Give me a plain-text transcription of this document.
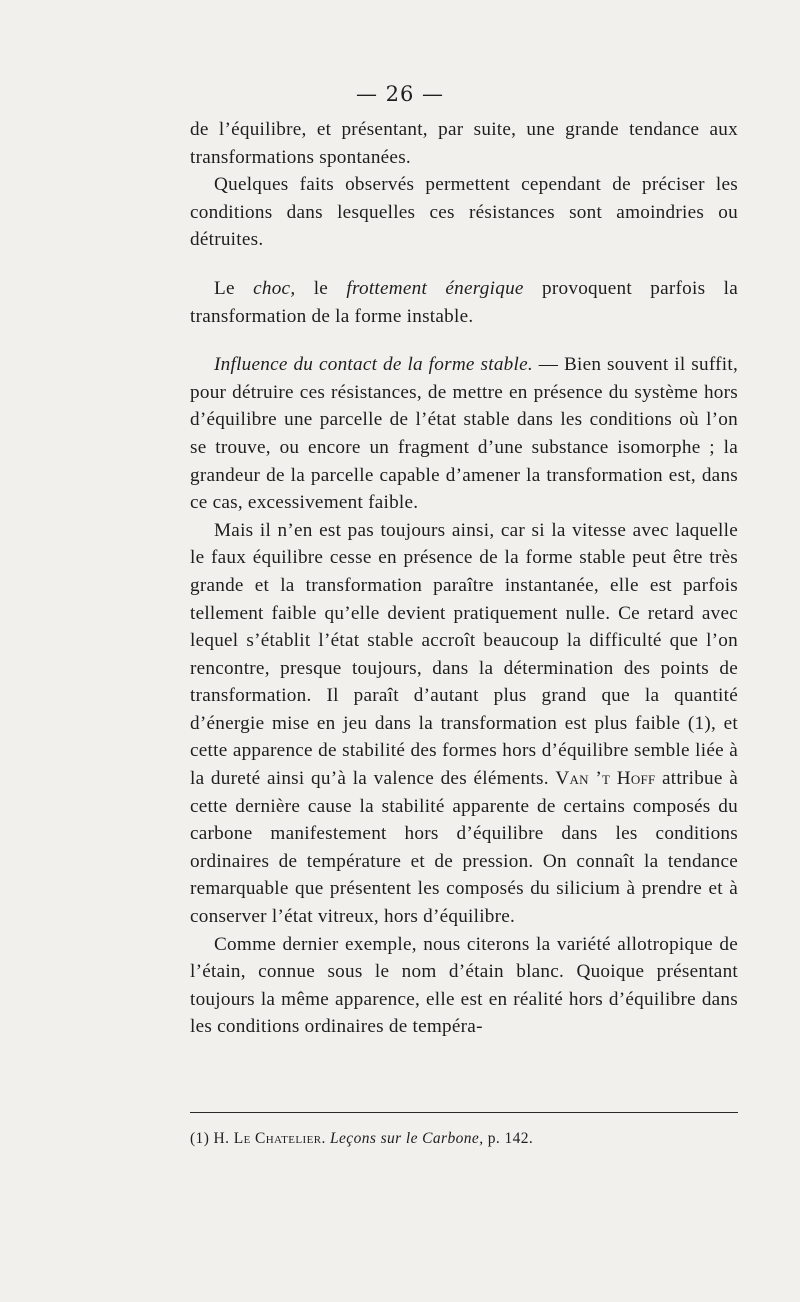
— 26 —

de l’équilibre, et présentant, par suite, une grande tendance aux transformations spontanées.

Quelques faits observés permettent cependant de préciser les conditions dans lesquelles ces résistances sont amoindries ou détruites.

Le choc, le frottement énergique provoquent parfois la transformation de la forme instable.

Influence du contact de la forme stable. — Bien souvent il suffit, pour détruire ces résistances, de mettre en présence du système hors d’équilibre une parcelle de l’état stable dans les conditions où l’on se trouve, ou encore un fragment d’une substance isomorphe ; la grandeur de la parcelle capable d’amener la transformation est, dans ce cas, excessivement faible.

Mais il n’en est pas toujours ainsi, car si la vitesse avec laquelle le faux équilibre cesse en présence de la forme stable peut être très grande et la transformation paraître instantanée, elle est parfois tellement faible qu’elle devient pratiquement nulle. Ce retard avec lequel s’établit l’état stable accroît beaucoup la difficulté que l’on rencontre, presque toujours, dans la détermination des points de transformation. Il paraît d’autant plus grand que la quantité d’énergie mise en jeu dans la transformation est plus faible (1), et cette apparence de stabilité des formes hors d’équilibre semble liée à la dureté ainsi qu’à la valence des éléments. Van ’t Hoff attribue à cette dernière cause la stabilité apparente de certains composés du carbone manifestement hors d’équilibre dans les conditions ordinaires de température et de pression. On connaît la tendance remarquable que présentent les composés du silicium à prendre et à conserver l’état vitreux, hors d’équilibre.

Comme dernier exemple, nous citerons la variété allotropique de l’étain, connue sous le nom d’étain blanc. Quoique présentant toujours la même apparence, elle est en réalité hors d’équilibre dans les conditions ordinaires de tempéra-

(1) H. Le Chatelier. Leçons sur le Carbone, p. 142.
